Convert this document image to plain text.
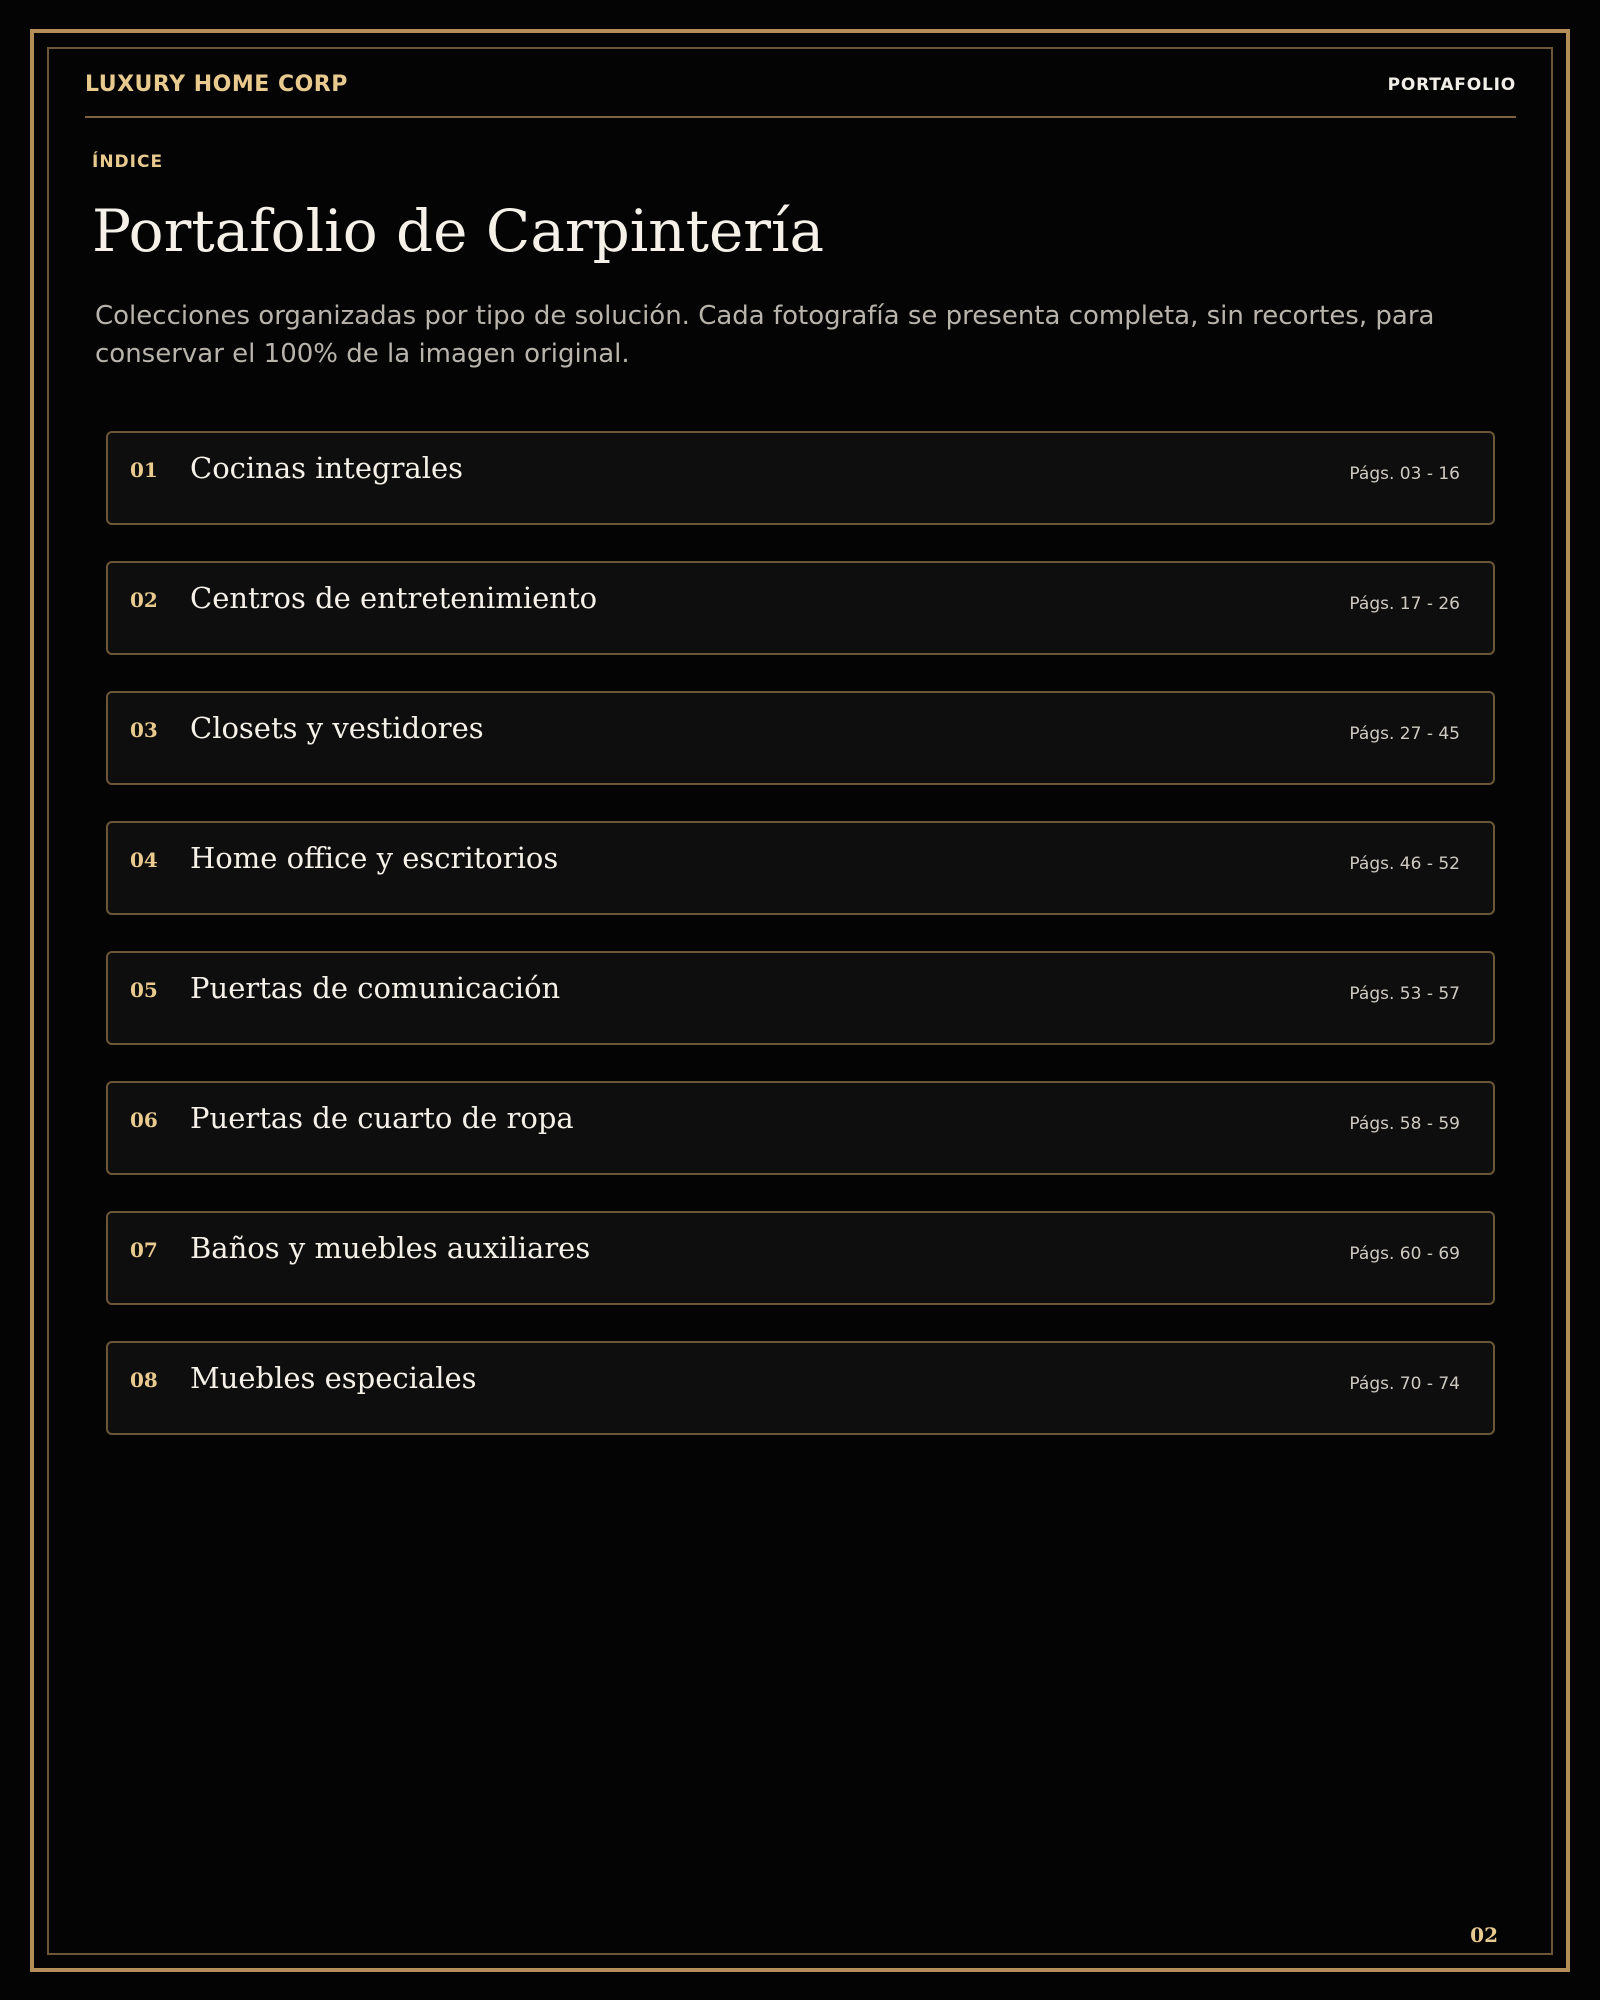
LUXURY HOME CORP	PORTAFOLIO
ÍNDICE
Portafolio de Carpintería

Colecciones organizadas por tipo de solución. Cada fotografía se presenta completa, sin recortes, para conservar el 100% de la imagen original.

01 Cocinas integrales	Págs. 03 - 16
02 Centros de entretenimiento	Págs. 17 - 26
03 Closets y vestidores	Págs. 27 - 45
04 Home office y escritorios	Págs. 46 - 52
05 Puertas de comunicación	Págs. 53 - 57
06 Puertas de cuarto de ropa	Págs. 58 - 59
07 Baños y muebles auxiliares	Págs. 60 - 69
08 Muebles especiales	Págs. 70 - 74
02
